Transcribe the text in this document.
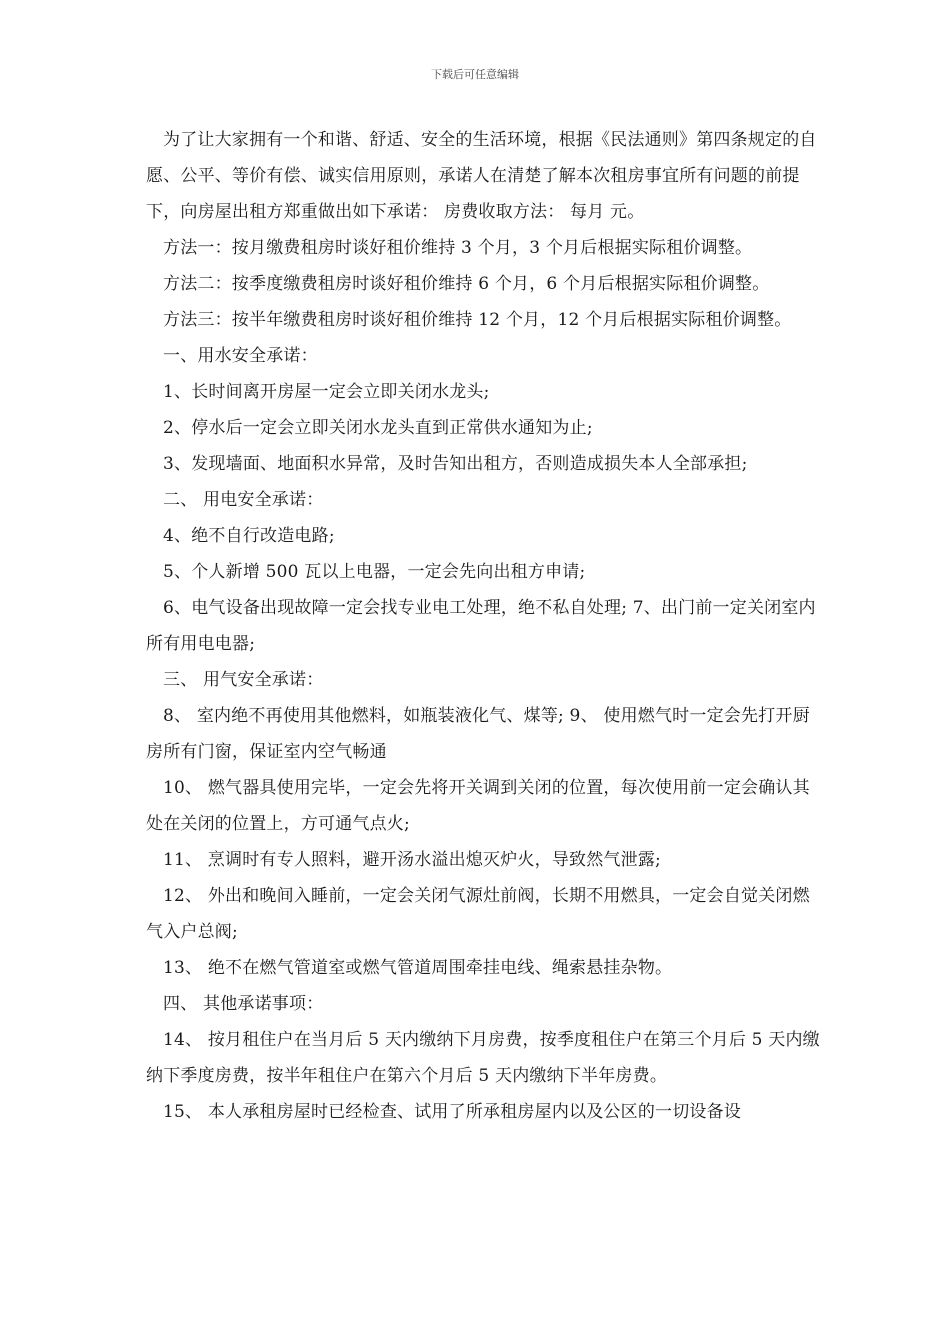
下载后可任意编辑

为了让大家拥有一个和谐、舒适、安全的生活环境，根据《民法通则》第四条规定的自愿、公平、等价有偿、诚实信用原则，承诺人在清楚了解本次租房事宜所有问题的前提下，向房屋出租方郑重做出如下承诺： 房费收取方法： 每月 元。

方法一：按月缴费租房时谈好租价维持 3 个月，3 个月后根据实际租价调整。

方法二：按季度缴费租房时谈好租价维持 6 个月，6 个月后根据实际租价调整。

方法三：按半年缴费租房时谈好租价维持 12 个月，12 个月后根据实际租价调整。

一、用水安全承诺：

1、长时间离开房屋一定会立即关闭水龙头;

2、停水后一定会立即关闭水龙头直到正常供水通知为止;

3、发现墙面、地面积水异常，及时告知出租方，否则造成损失本人全部承担;

二、 用电安全承诺：

4、绝不自行改造电路;

5、个人新增 500 瓦以上电器，一定会先向出租方申请;

6、电气设备出现故障一定会找专业电工处理，绝不私自处理; 7、出门前一定关闭室内所有用电电器;

三、 用气安全承诺：

8、 室内绝不再使用其他燃料，如瓶装液化气、煤等; 9、 使用燃气时一定会先打开厨房所有门窗，保证室内空气畅通

10、 燃气器具使用完毕，一定会先将开关调到关闭的位置，每次使用前一定会确认其处在关闭的位置上，方可通气点火;

11、 烹调时有专人照料，避开汤水溢出熄灭炉火，导致然气泄露;

12、 外出和晚间入睡前，一定会关闭气源灶前阀，长期不用燃具，一定会自觉关闭燃气入户总阀;

13、 绝不在燃气管道室或燃气管道周围牵挂电线、绳索悬挂杂物。

四、 其他承诺事项：

14、 按月租住户在当月后 5 天内缴纳下月房费，按季度租住户在第三个月后 5 天内缴纳下季度房费，按半年租住户在第六个月后 5 天内缴纳下半年房费。

15、 本人承租房屋时已经检查、试用了所承租房屋内以及公区的一切设备设
